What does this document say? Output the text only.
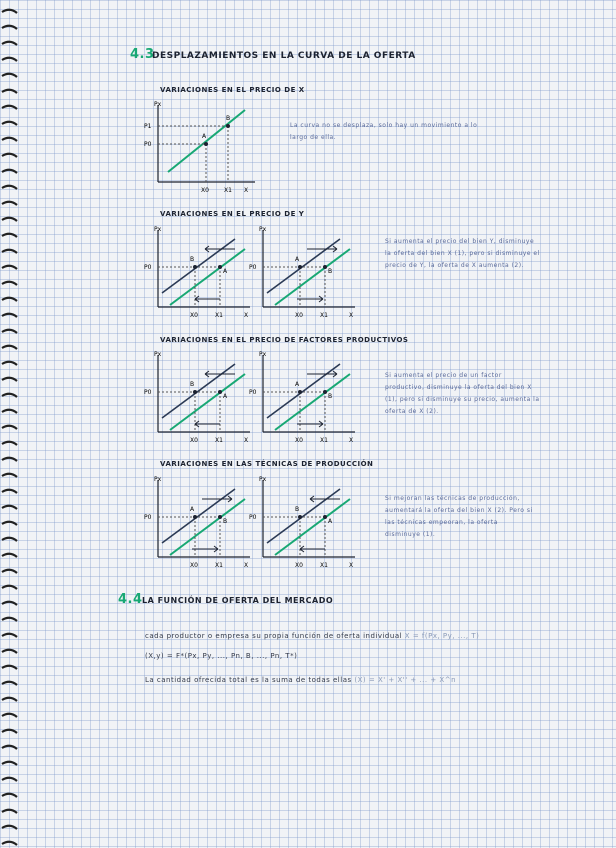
4.3
DESPLAZAMIENTOS EN LA CURVA DE LA OFERTA
VARIACIONES EN EL PRECIO DE X
Px
X
P1
P0
X0	X1
A
B
La curva no se desplaza, solo hay un movimiento a lo largo de ella.
VARIACIONES EN EL PRECIO DE Y
Px
X
P0
X0	X1
B
A
Px
X
P0
X0	X1
A
B
Si aumenta el precio del bien Y, disminuye la oferta del bien X (1), pero si disminuye el precio de Y, la oferta de X aumenta (2).
VARIACIONES EN EL PRECIO DE FACTORES PRODUCTIVOS
Px
X
P0
X0	X1
B
A
Px
X
P0
X0	X1
A
B
Si aumenta el precio de un factor productivo, disminuye la oferta del bien X (1), pero si disminuye su precio, aumenta la oferta de X (2).
VARIACIONES EN LAS TÉCNICAS DE PRODUCCIÓN
Px
X
P0
X0	X1
A
B
Px
X
P0
X0	X1
B
A
Si mejoran las técnicas de producción, aumentará la oferta del bien X (2). Pero si las técnicas empeoran, la oferta disminuye (1).
4.4 LA FUNCIÓN DE OFERTA DEL MERCADO
cada productor o empresa su propia función de oferta individual X = f(Px, Py, ..., T)
(X,y) = F*(Px, Py, ..., Pn, B, ..., Pn, T*)
La cantidad ofrecida total es la suma de todas ellas (X) = X' + X'' + ... + X^n
